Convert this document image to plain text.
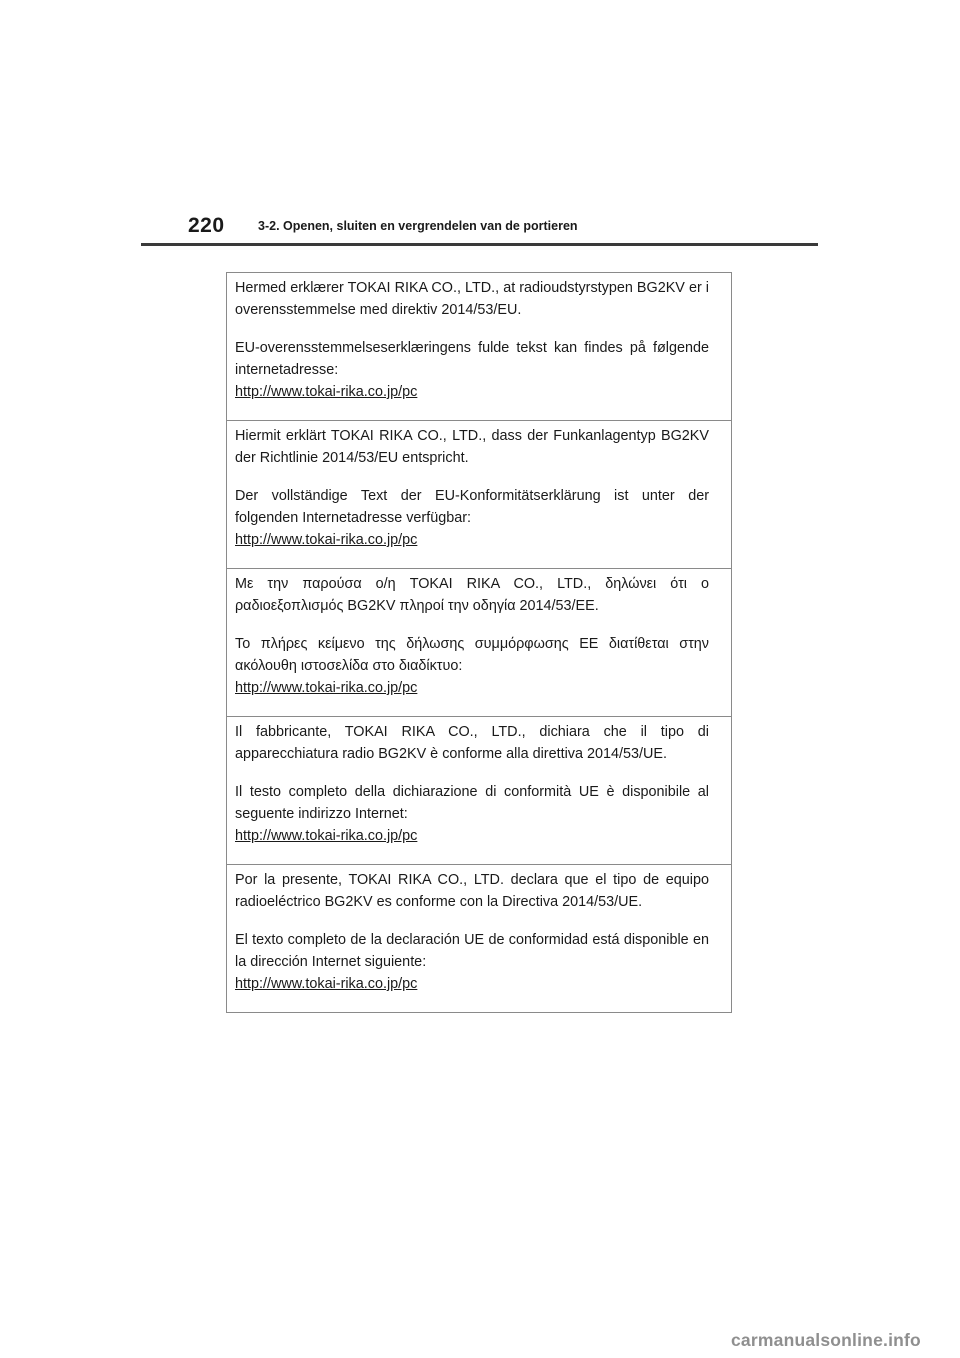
220	3-2. Openen, sluiten en vergrendelen van de portieren

Hermed erklærer TOKAI RIKA CO., LTD., at radioudstyrstypen BG2KV er i overensstemmelse med direktiv 2014/53/EU.

EU-overensstemmelseserklæringens fulde tekst kan findes på følgende internetadresse:
http://www.tokai-rika.co.jp/pc

Hiermit erklärt TOKAI RIKA CO., LTD., dass der Funkanlagentyp BG2KV der Richtlinie 2014/53/EU entspricht.

Der vollständige Text der EU-Konformitätserklärung ist unter der folgenden Internetadresse verfügbar:
http://www.tokai-rika.co.jp/pc

Με την παρούσα ο/η TOKAI RIKA CO., LTD., δηλώνει ότι ο ραδιοεξοπλισμός BG2KV πληροί την οδηγία 2014/53/ΕΕ.

Το πλήρες κείμενο της δήλωσης συμμόρφωσης ΕΕ διατίθεται στην ακόλουθη ιστοσελίδα στο διαδίκτυο:
http://www.tokai-rika.co.jp/pc

Il fabbricante, TOKAI RIKA CO., LTD., dichiara che il tipo di apparecchiatura radio BG2KV è conforme alla direttiva 2014/53/UE.

Il testo completo della dichiarazione di conformità UE è disponibile al seguente indirizzo Internet:
http://www.tokai-rika.co.jp/pc

Por la presente, TOKAI RIKA CO., LTD. declara que el tipo de equipo radioeléctrico BG2KV es conforme con la Directiva 2014/53/UE.

El texto completo de la declaración UE de conformidad está disponible en la dirección Internet siguiente:
http://www.tokai-rika.co.jp/pc

carmanualsonline.info
